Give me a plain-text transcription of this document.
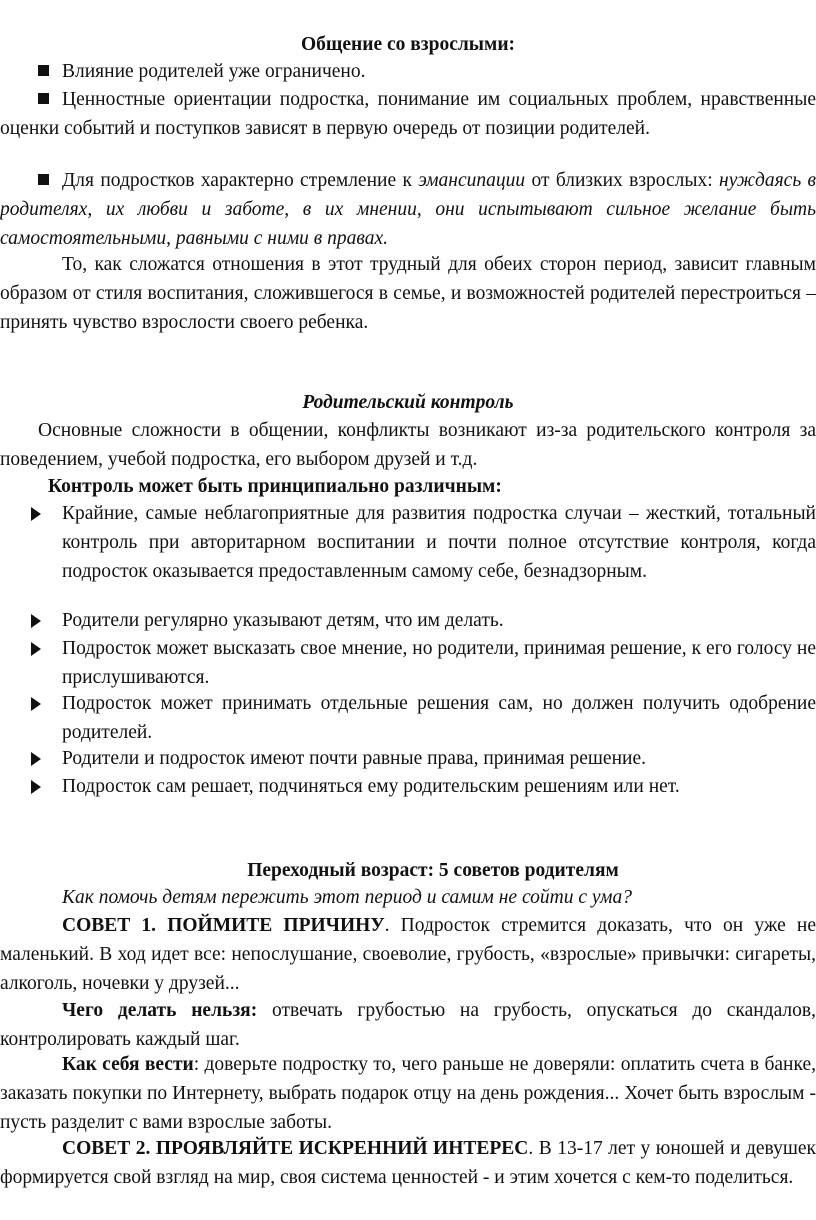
Общение со взрослыми:

Влияние родителей уже ограничено.

Ценностные ориентации подростка, понимание им социальных проблем, нравственные оценки событий и поступков зависят в первую очередь от позиции родителей.

Для подростков характерно стремление к эмансипации от близких взрослых: нуждаясь в родителях, их любви и заботе, в их мнении, они испытывают сильное желание быть самостоятельными, равными с ними в правах.

То, как сложатся отношения в этот трудный для обеих сторон период, зависит главным образом от стиля воспитания, сложившегося в семье, и возможностей родителей перестроиться – принять чувство взрослости своего ребенка.

Родительский контроль

Основные сложности в общении, конфликты возникают из-за родительского контроля за поведением, учебой подростка, его выбором друзей и т.д.

Контроль может быть принципиально различным:

Крайние, самые неблагоприятные для развития подростка случаи – жесткий, тотальный контроль при авторитарном воспитании и почти полное отсутствие контроля, когда подросток оказывается предоставленным самому себе, безнадзорным.

Родители регулярно указывают детям, что им делать.

Подросток может высказать свое мнение, но родители, принимая решение, к его голосу не прислушиваются.

Подросток может принимать отдельные решения сам, но должен получить одобрение родителей.

Родители и подросток имеют почти равные права, принимая решение.

Подросток сам решает, подчиняться ему родительским решениям или нет.

Переходный возраст: 5 советов родителям

Как помочь детям пережить этот период и самим не сойти с ума?

СОВЕТ 1. ПОЙМИТЕ ПРИЧИНУ. Подросток стремится доказать, что он уже не маленький. В ход идет все: непослушание, своеволие, грубость, «взрослые» привычки: сигареты, алкоголь, ночевки у друзей...

Чего делать нельзя: отвечать грубостью на грубость, опускаться до скандалов, контролировать каждый шаг.

Как себя вести: доверьте подростку то, чего раньше не доверяли: оплатить счета в банке, заказать покупки по Интернету, выбрать подарок отцу на день рождения... Хочет быть взрослым - пусть разделит с вами взрослые заботы.

СОВЕТ 2. ПРОЯВЛЯЙТЕ ИСКРЕННИЙ ИНТЕРЕС. В 13-17 лет у юношей и девушек формируется свой взгляд на мир, своя система ценностей - и этим хочется с кем-то поделиться.
